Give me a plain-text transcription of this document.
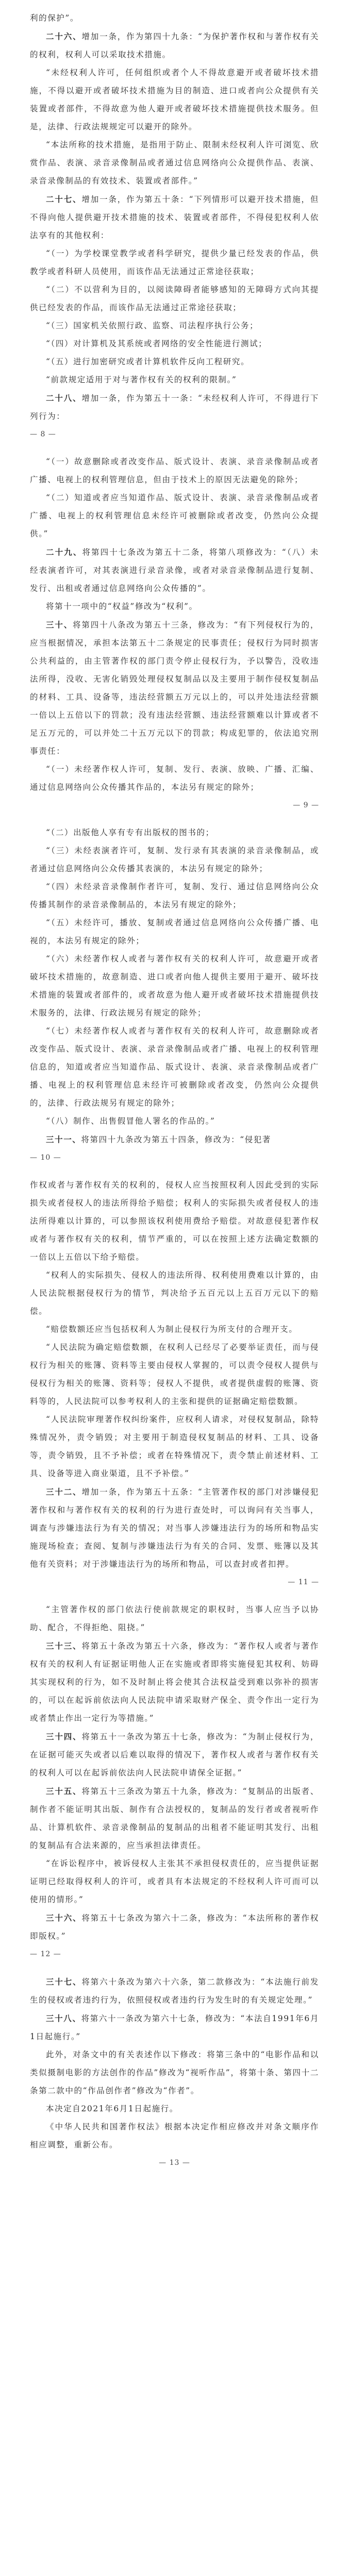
利的保护”。

二十六、增加一条，作为第四十九条：“为保护著作权和与著作权有关的权利，权利人可以采取技术措施。

“未经权利人许可，任何组织或者个人不得故意避开或者破坏技术措施，不得以避开或者破坏技术措施为目的制造、进口或者向公众提供有关装置或者部件，不得故意为他人避开或者破坏技术措施提供技术服务。但是，法律、行政法规规定可以避开的除外。

“本法所称的技术措施，是指用于防止、限制未经权利人许可浏览、欣赏作品、表演、录音录像制品或者通过信息网络向公众提供作品、表演、录音录像制品的有效技术、装置或者部件。”

二十七、增加一条，作为第五十条：“下列情形可以避开技术措施，但不得向他人提供避开技术措施的技术、装置或者部件，不得侵犯权利人依法享有的其他权利：

“（一）为学校课堂教学或者科学研究，提供少量已经发表的作品，供教学或者科研人员使用，而该作品无法通过正常途径获取；

“（二）不以营利为目的，以阅读障碍者能够感知的无障碍方式向其提供已经发表的作品，而该作品无法通过正常途径获取；

“（三）国家机关依照行政、监察、司法程序执行公务；

“（四）对计算机及其系统或者网络的安全性能进行测试；

“（五）进行加密研究或者计算机软件反向工程研究。

“前款规定适用于对与著作权有关的权利的限制。”

二十八、增加一条，作为第五十一条：“未经权利人许可，不得进行下列行为：

— 8 —

“（一）故意删除或者改变作品、版式设计、表演、录音录像制品或者广播、电视上的权利管理信息，但由于技术上的原因无法避免的除外；

“（二）知道或者应当知道作品、版式设计、表演、录音录像制品或者广播、电视上的权利管理信息未经许可被删除或者改变，仍然向公众提供。”

二十九、将第四十七条改为第五十二条，将第八项修改为：“（八）未经表演者许可，对其表演进行录音录像，或者对录音录像制品进行复制、发行、出租或者通过信息网络向公众传播的”。

将第十一项中的“权益”修改为“权利”。

三十、将第四十八条改为第五十三条，修改为：“有下列侵权行为的，应当根据情况，承担本法第五十二条规定的民事责任；侵权行为同时损害公共利益的，由主管著作权的部门责令停止侵权行为，予以警告，没收违法所得，没收、无害化销毁处理侵权复制品以及主要用于制作侵权复制品的材料、工具、设备等，违法经营额五万元以上的，可以并处违法经营额一倍以上五倍以下的罚款；没有违法经营额、违法经营额难以计算或者不足五万元的，可以并处二十五万元以下的罚款；构成犯罪的，依法追究刑事责任：

“（一）未经著作权人许可，复制、发行、表演、放映、广播、汇编、通过信息网络向公众传播其作品的，本法另有规定的除外；

— 9 —

“（二）出版他人享有专有出版权的图书的；

“（三）未经表演者许可，复制、发行录有其表演的录音录像制品，或者通过信息网络向公众传播其表演的，本法另有规定的除外；

“（四）未经录音录像制作者许可，复制、发行、通过信息网络向公众传播其制作的录音录像制品的，本法另有规定的除外；

“（五）未经许可，播放、复制或者通过信息网络向公众传播广播、电视的，本法另有规定的除外；

“（六）未经著作权人或者与著作权有关的权利人许可，故意避开或者破坏技术措施的，故意制造、进口或者向他人提供主要用于避开、破坏技术措施的装置或者部件的，或者故意为他人避开或者破坏技术措施提供技术服务的，法律、行政法规另有规定的除外；

“（七）未经著作权人或者与著作权有关的权利人许可，故意删除或者改变作品、版式设计、表演、录音录像制品或者广播、电视上的权利管理信息的，知道或者应当知道作品、版式设计、表演、录音录像制品或者广播、电视上的权利管理信息未经许可被删除或者改变，仍然向公众提供的，法律、行政法规另有规定的除外；

“（八）制作、出售假冒他人署名的作品的。”

三十一、将第四十九条改为第五十四条，修改为：“侵犯著

— 10 —

作权或者与著作权有关的权利的，侵权人应当按照权利人因此受到的实际损失或者侵权人的违法所得给予赔偿；权利人的实际损失或者侵权人的违法所得难以计算的，可以参照该权利使用费给予赔偿。对故意侵犯著作权或者与著作权有关的权利，情节严重的，可以在按照上述方法确定数额的一倍以上五倍以下给予赔偿。

“权利人的实际损失、侵权人的违法所得、权利使用费难以计算的，由人民法院根据侵权行为的情节，判决给予五百元以上五百万元以下的赔偿。

“赔偿数额还应当包括权利人为制止侵权行为所支付的合理开支。

“人民法院为确定赔偿数额，在权利人已经尽了必要举证责任，而与侵权行为相关的账簿、资料等主要由侵权人掌握的，可以责令侵权人提供与侵权行为相关的账簿、资料等；侵权人不提供，或者提供虚假的账簿、资料等的，人民法院可以参考权利人的主张和提供的证据确定赔偿数额。

“人民法院审理著作权纠纷案件，应权利人请求，对侵权复制品，除特殊情况外，责令销毁；对主要用于制造侵权复制品的材料、工具、设备等，责令销毁，且不予补偿；或者在特殊情况下，责令禁止前述材料、工具、设备等进入商业渠道，且不予补偿。”

三十二、增加一条，作为第五十五条：“主管著作权的部门对涉嫌侵犯著作权和与著作权有关的权利的行为进行查处时，可以询问有关当事人，调查与涉嫌违法行为有关的情况；对当事人涉嫌违法行为的场所和物品实施现场检查；查阅、复制与涉嫌违法行为有关的合同、发票、账簿以及其他有关资料；对于涉嫌违法行为的场所和物品，可以查封或者扣押。

— 11 —

“主管著作权的部门依法行使前款规定的职权时，当事人应当予以协助、配合，不得拒绝、阻挠。”

三十三、将第五十条改为第五十六条，修改为：“著作权人或者与著作权有关的权利人有证据证明他人正在实施或者即将实施侵犯其权利、妨碍其实现权利的行为，如不及时制止将会使其合法权益受到难以弥补的损害的，可以在起诉前依法向人民法院申请采取财产保全、责令作出一定行为或者禁止作出一定行为等措施。”

三十四、将第五十一条改为第五十七条，修改为：“为制止侵权行为，在证据可能灭失或者以后难以取得的情况下，著作权人或者与著作权有关的权利人可以在起诉前依法向人民法院申请保全证据。”

三十五、将第五十三条改为第五十九条，修改为：“复制品的出版者、制作者不能证明其出版、制作有合法授权的，复制品的发行者或者视听作品、计算机软件、录音录像制品的复制品的出租者不能证明其发行、出租的复制品有合法来源的，应当承担法律责任。

“在诉讼程序中，被诉侵权人主张其不承担侵权责任的，应当提供证据证明已经取得权利人的许可，或者具有本法规定的不经权利人许可而可以使用的情形。”

三十六、将第五十七条改为第六十二条，修改为：“本法所称的著作权即版权。”

— 12 —

三十七、将第六十条改为第六十六条，第二款修改为：“本法施行前发生的侵权或者违约行为，依照侵权或者违约行为发生时的有关规定处理。”

三十八、将第六十一条改为第六十七条，修改为：“本法自1991年6月1日起施行。”

此外，对条文中的有关表述作以下修改：将第三条中的“电影作品和以类似摄制电影的方法创作的作品”修改为“视听作品”，将第十条、第四十二条第二款中的“作品创作者”修改为“作者”。

本决定自2021年6月1日起施行。

《中华人民共和国著作权法》根据本决定作相应修改并对条文顺序作相应调整，重新公布。

— 13 —
